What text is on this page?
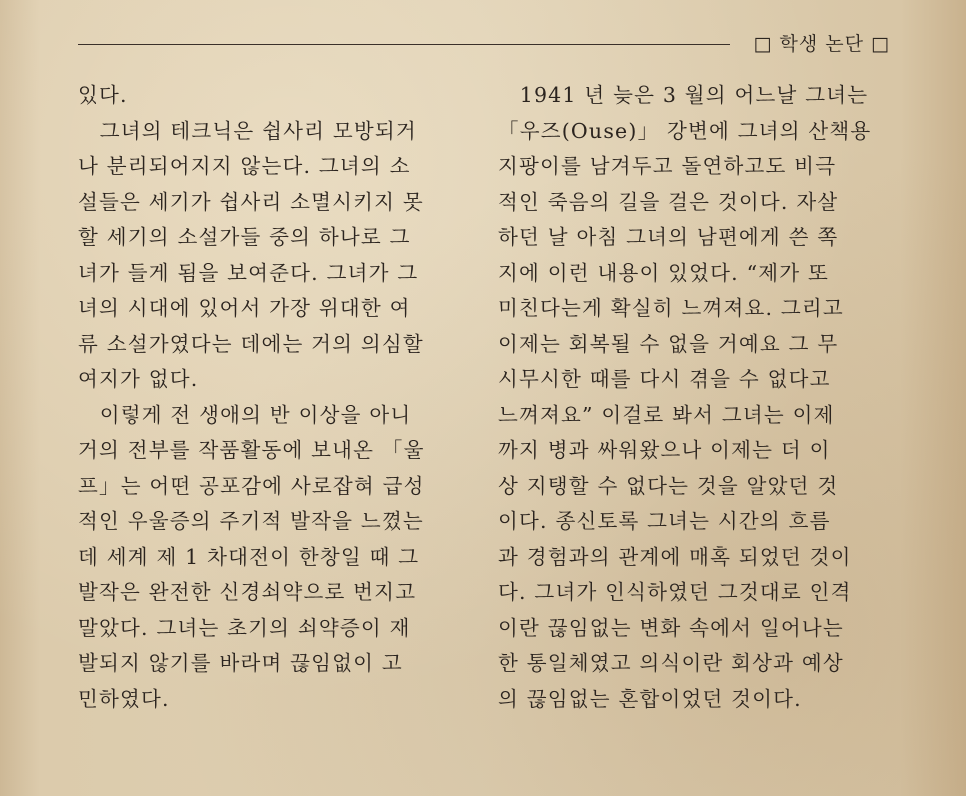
□ 학생 논단 □
있다.
　그녀의 테크닉은 쉽사리 모방되거
나 분리되어지지 않는다. 그녀의 소
설들은 세기가 쉽사리 소멸시키지 못
할 세기의 소설가들 중의 하나로 그
녀가 들게 됨을 보여준다. 그녀가 그
녀의 시대에 있어서 가장 위대한 여
류 소설가였다는 데에는 거의 의심할
여지가 없다.
　이렇게 전 생애의 반 이상을 아니
거의 전부를 작품활동에 보내온 「울
프」는 어떤 공포감에 사로잡혀 급성
적인 우울증의 주기적 발작을 느꼈는
데 세계 제 1 차대전이 한창일 때 그
발작은 완전한 신경쇠약으로 번지고
말았다. 그녀는 초기의 쇠약증이 재
발되지 않기를 바라며 끊임없이 고
민하였다.
　1941 년 늦은 3 월의 어느날 그녀는
「우즈(Ouse)」 강변에 그녀의 산책용
지팡이를 남겨두고 돌연하고도 비극
적인 죽음의 길을 걸은 것이다. 자살
하던 날 아침 그녀의 남편에게 쓴 쪽
지에 이런 내용이 있었다. “제가 또
미친다는게 확실히 느껴져요. 그리고
이제는 회복될 수 없을 거예요 그 무
시무시한 때를 다시 겪을 수 없다고
느껴져요” 이걸로 봐서 그녀는 이제
까지 병과 싸워왔으나 이제는 더 이
상 지탱할 수 없다는 것을 알았던 것
이다. 종신토록 그녀는 시간의 흐름
과 경험과의 관계에 매혹 되었던 것이
다. 그녀가 인식하였던 그것대로 인격
이란 끊임없는 변화 속에서 일어나는
한 통일체였고 의식이란 회상과 예상
의 끊임없는 혼합이었던 것이다.
